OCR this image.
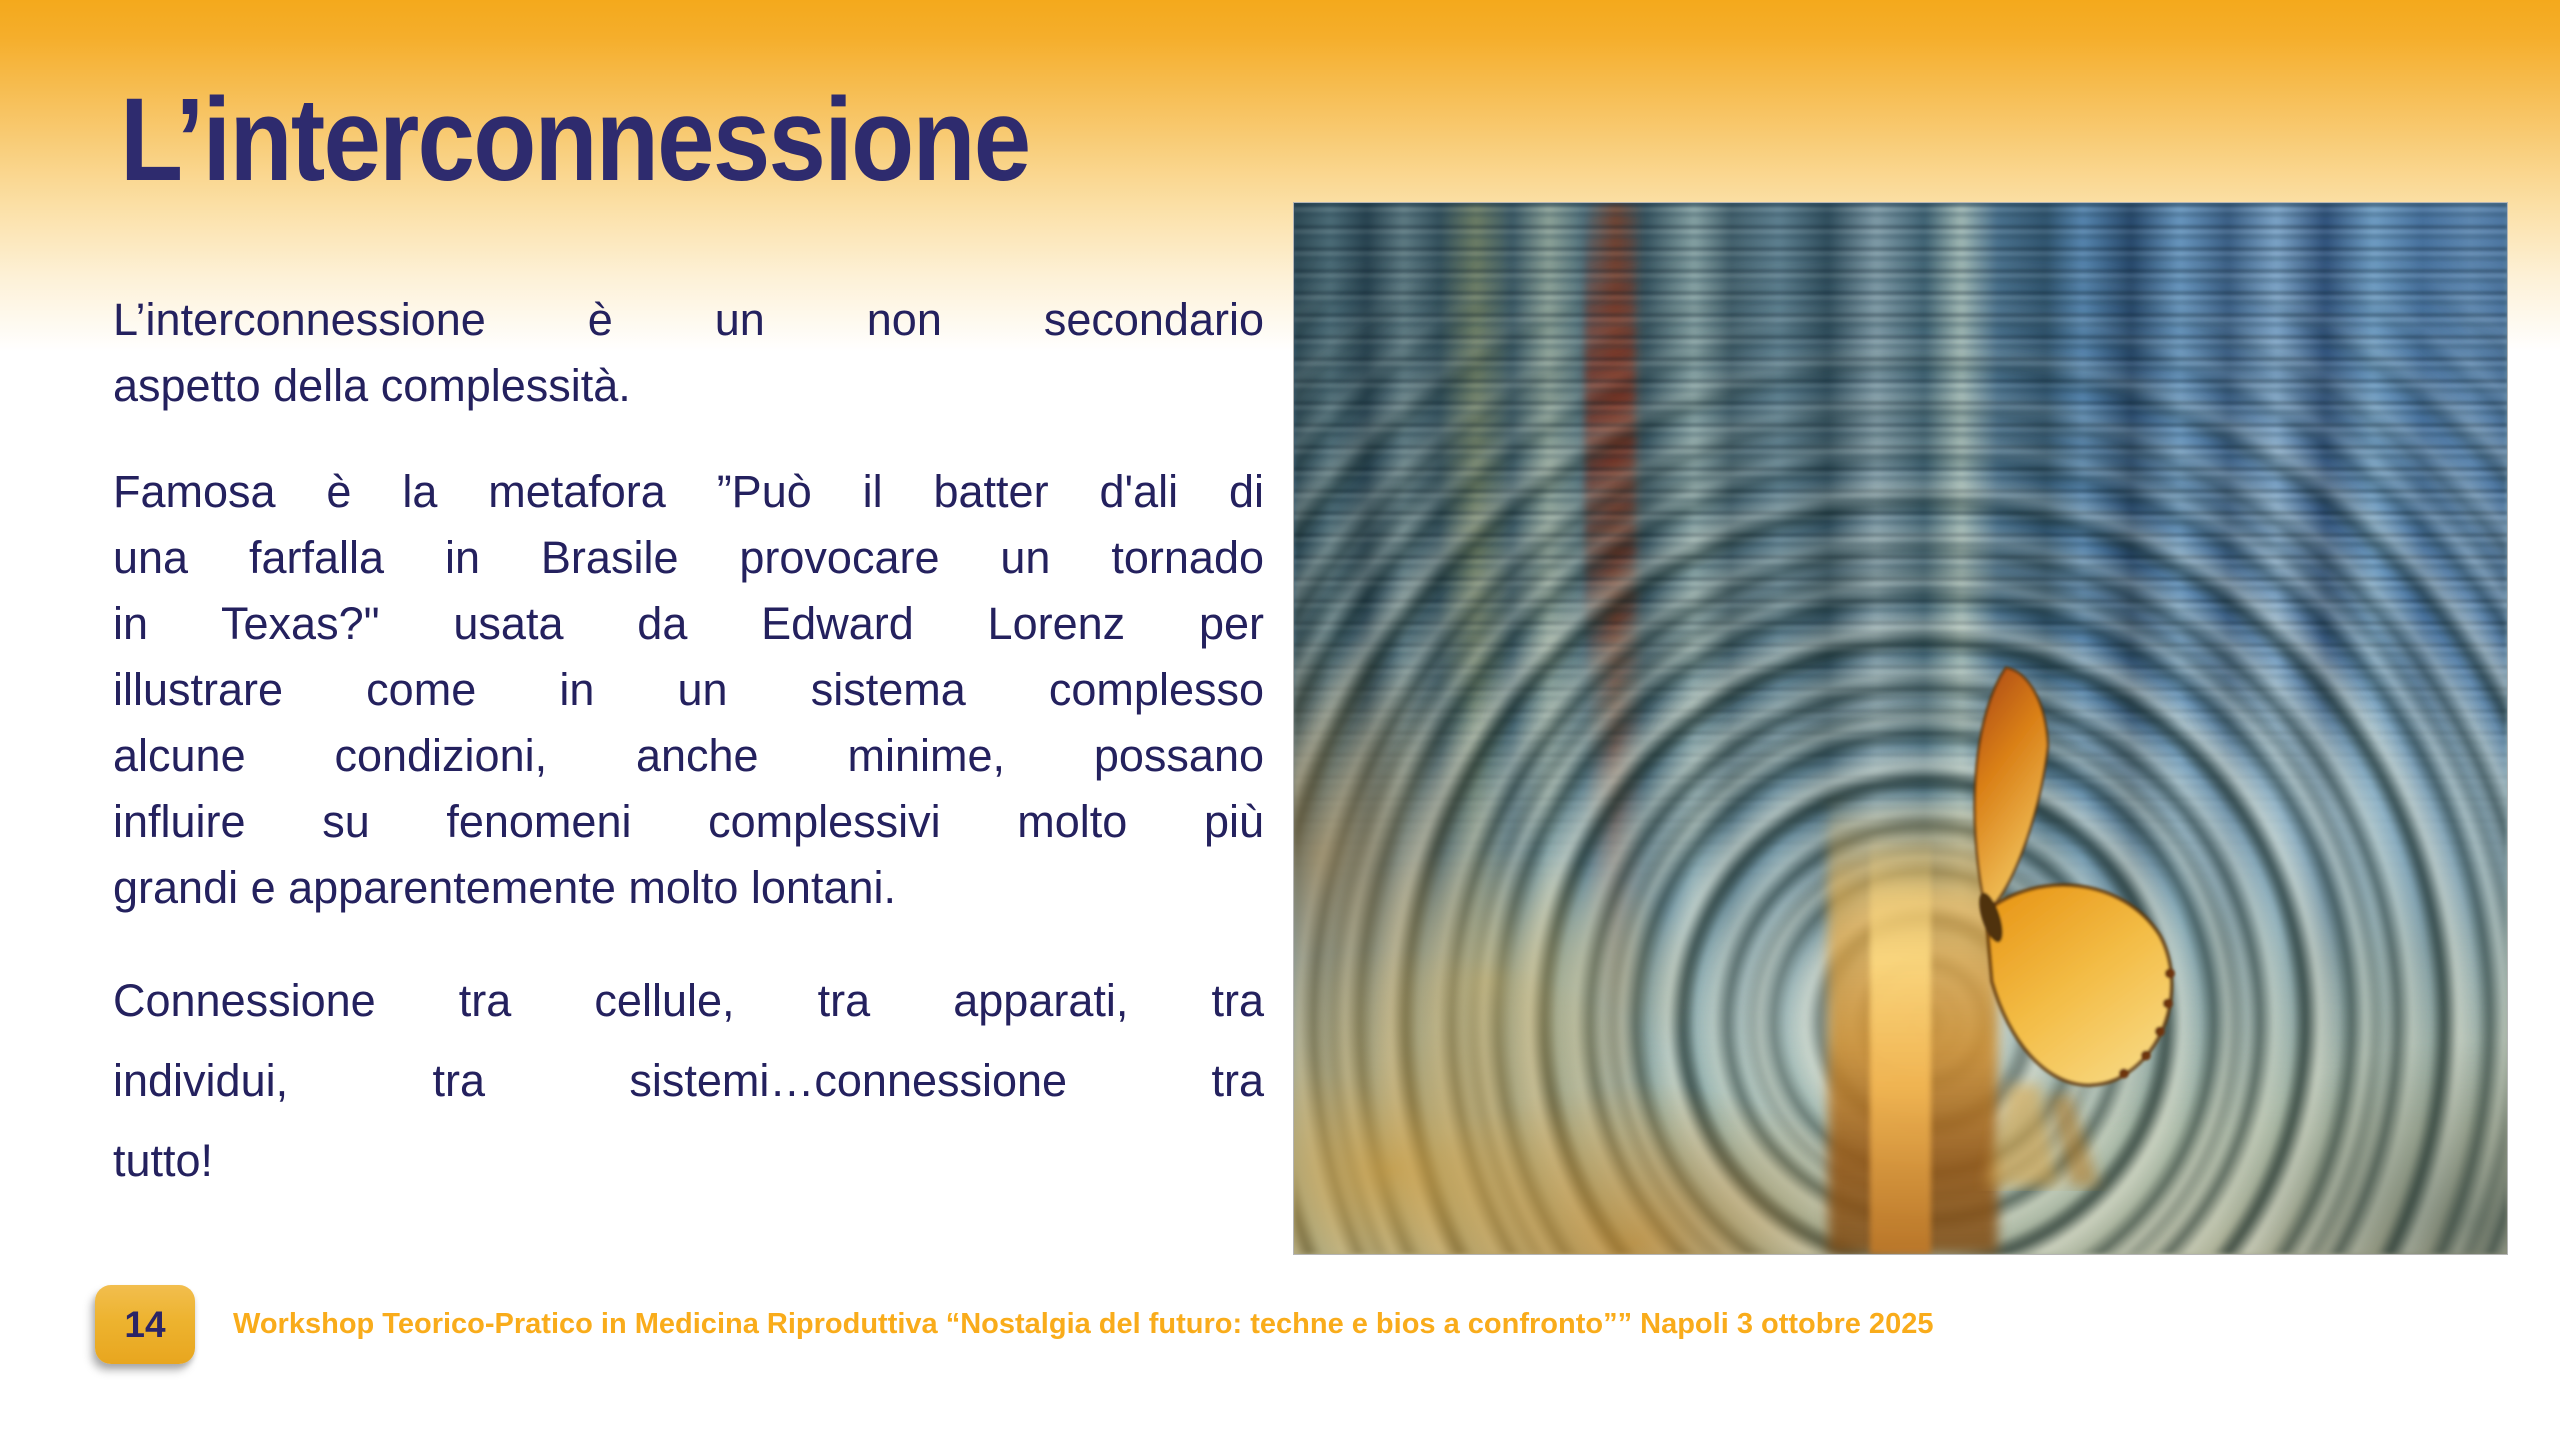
L’interconnessione
L’interconnessione è un non secondario
aspetto della complessità.
Famosa è la metafora ”Può il batter d'ali di
una farfalla in Brasile provocare un tornado
in Texas?" usata da Edward Lorenz per
illustrare come in un sistema complesso
alcune condizioni, anche minime, possano
influire su fenomeni complessivi molto più
grandi e apparentemente molto lontani.
Connessione tra cellule, tra apparati, tra
individui, tra sistemi…connessione tra
tutto!
14 Workshop Teorico-Pratico in Medicina Riproduttiva “Nostalgia del futuro: techne e bios a confronto”” Napoli 3 ottobre 2025
